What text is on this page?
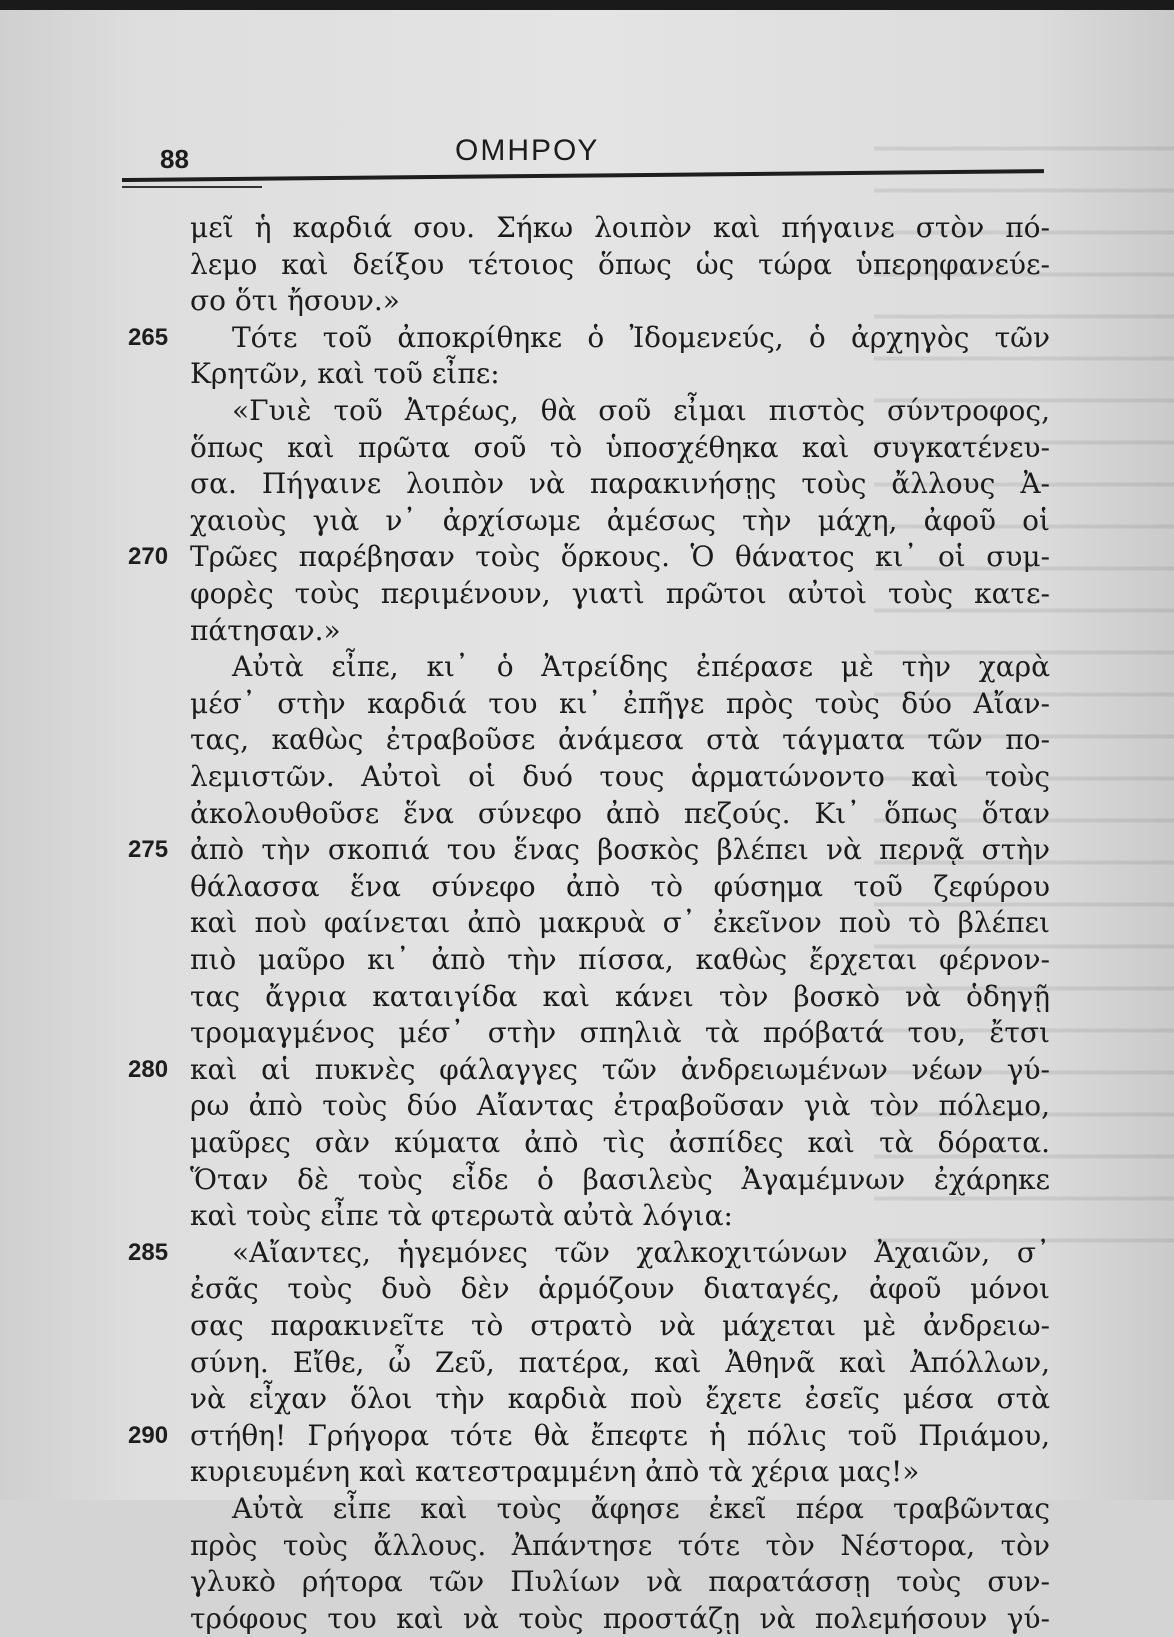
88	ΟΜΗΡΟΥ
μεῖ ἡ καρδιά σου. Σήκω λοιπὸν καὶ πήγαινε στὸν πό-
λεμο καὶ δείξου τέτοιος ὅπως ὡς τώρα ὑπερηφανεύε-
σο ὅτι ἤσουν.»
Τότε τοῦ ἀποκρίθηκε ὁ Ἰδομενεύς, ὁ ἀρχηγὸς τῶν
265
Κρητῶν, καὶ τοῦ εἶπε:
«Γυιὲ τοῦ Ἀτρέως, θὰ σοῦ εἶμαι πιστὸς σύντροφος,
ὅπως καὶ πρῶτα σοῦ τὸ ὑποσχέθηκα καὶ συγκατένευ-
σα. Πήγαινε λοιπὸν νὰ παρακινήσῃς τοὺς ἄλλους Ἀ-
χαιοὺς γιὰ ν᾿ ἀρχίσωμε ἀμέσως τὴν μάχη, ἀφοῦ οἱ
Τρῶες παρέβησαν τοὺς ὅρκους. Ὁ θάνατος κι᾿ οἱ συμ-
270
φορὲς τοὺς περιμένουν, γιατὶ πρῶτοι αὐτοὶ τοὺς κατε-
πάτησαν.»
Αὐτὰ εἶπε, κι᾿ ὁ Ἀτρείδης ἐπέρασε μὲ τὴν χαρὰ
μέσ᾿ στὴν καρδιά του κι᾿ ἐπῆγε πρὸς τοὺς δύο Αἴαν-
τας, καθὼς ἐτραβοῦσε ἀνάμεσα στὰ τάγματα τῶν πο-
λεμιστῶν. Αὐτοὶ οἱ δυό τους ἁρματώνοντο καὶ τοὺς
ἀκολουθοῦσε ἕνα σύνεφο ἀπὸ πεζούς. Κι᾿ ὅπως ὅταν
ἀπὸ τὴν σκοπιά του ἕνας βοσκὸς βλέπει νὰ περνᾷ στὴν
275
θάλασσα ἕνα σύνεφο ἀπὸ τὸ φύσημα τοῦ ζεφύρου
καὶ ποὺ φαίνεται ἀπὸ μακρυὰ σ᾿ ἐκεῖνον ποὺ τὸ βλέπει
πιὸ μαῦρο κι᾿ ἀπὸ τὴν πίσσα, καθὼς ἔρχεται φέρνον-
τας ἄγρια καταιγίδα καὶ κάνει τὸν βοσκὸ νὰ ὁδηγῇ
τρομαγμένος μέσ᾿ στὴν σπηλιὰ τὰ πρόβατά του, ἔτσι
καὶ αἱ πυκνὲς φάλαγγες τῶν ἀνδρειωμένων νέων γύ-
280
ρω ἀπὸ τοὺς δύο Αἴαντας ἐτραβοῦσαν γιὰ τὸν πόλεμο,
μαῦρες σὰν κύματα ἀπὸ τὶς ἀσπίδες καὶ τὰ δόρατα.
Ὅταν δὲ τοὺς εἶδε ὁ βασιλεὺς Ἀγαμέμνων ἐχάρηκε
καὶ τοὺς εἶπε τὰ φτερωτὰ αὐτὰ λόγια:
«Αἴαντες, ἡγεμόνες τῶν χαλκοχιτώνων Ἀχαιῶν, σ᾿
285
ἐσᾶς τοὺς δυὸ δὲν ἁρμόζουν διαταγές, ἀφοῦ μόνοι
σας παρακινεῖτε τὸ στρατὸ νὰ μάχεται μὲ ἀνδρειω-
σύνη. Εἴθε, ὦ Ζεῦ, πατέρα, καὶ Ἀθηνᾶ καὶ Ἀπόλλων,
νὰ εἶχαν ὅλοι τὴν καρδιὰ ποὺ ἔχετε ἐσεῖς μέσα στὰ
στήθη! Γρήγορα τότε θὰ ἔπεφτε ἡ πόλις τοῦ Πριάμου,
290
κυριευμένη καὶ κατεστραμμένη ἀπὸ τὰ χέρια μας!»
Αὐτὰ εἶπε καὶ τοὺς ἄφησε ἐκεῖ πέρα τραβῶντας
πρὸς τοὺς ἄλλους. Ἀπάντησε τότε τὸν Νέστορα, τὸν
γλυκὸ ρήτορα τῶν Πυλίων νὰ παρατάσσῃ τοὺς συν-
τρόφους του καὶ νὰ τοὺς προστάζῃ νὰ πολεμήσουν γύ-
